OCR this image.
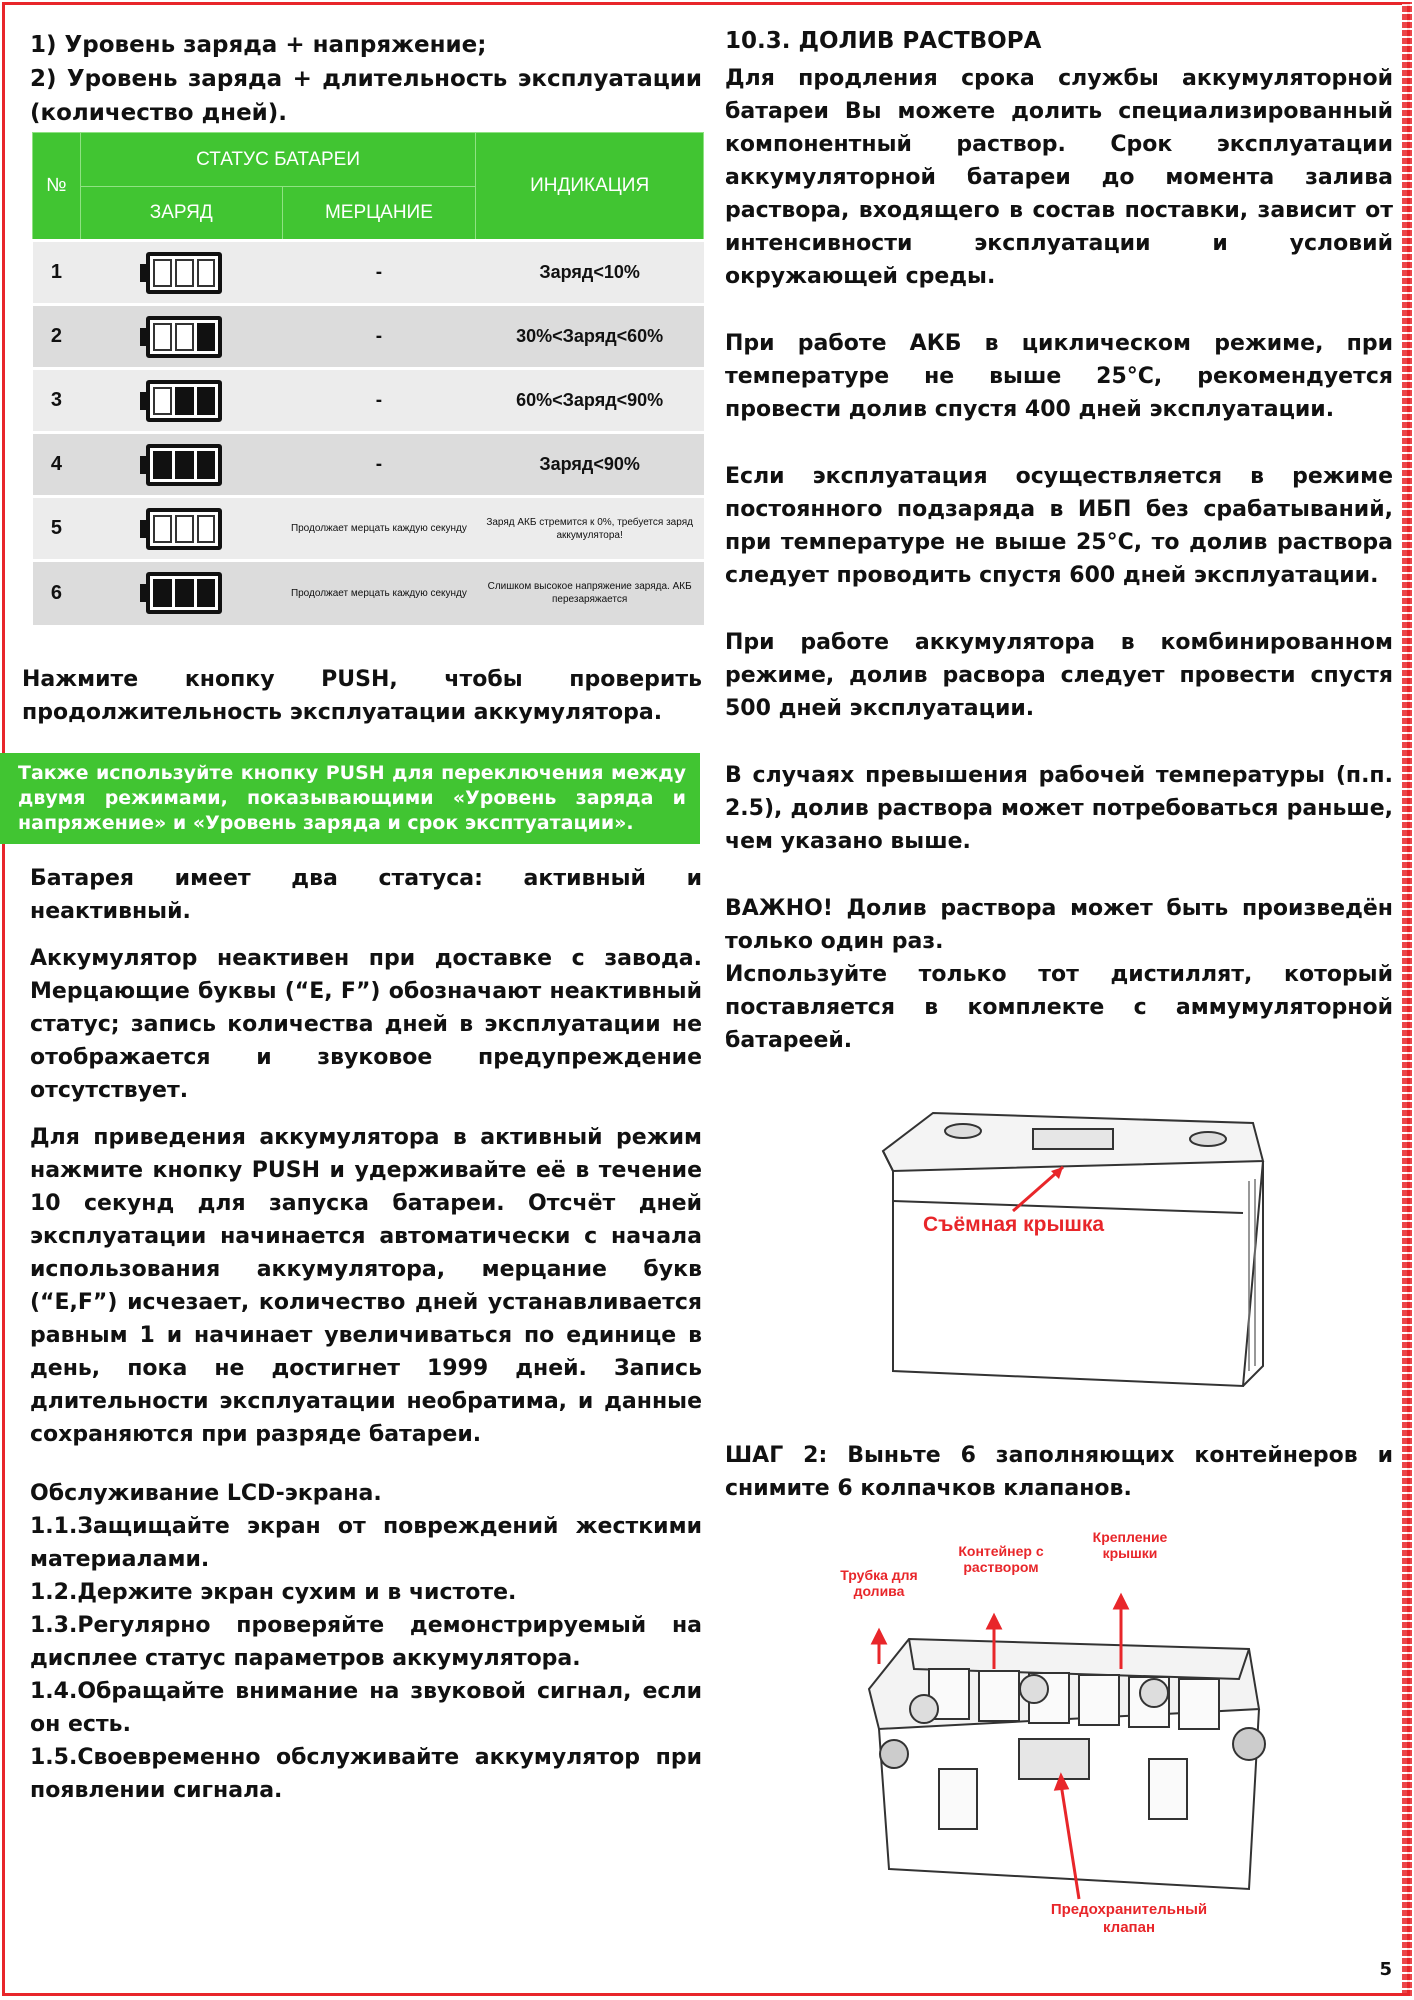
1) Уровень заряда + напряжение;

2) Уровень заряда + длительность эксплуатации (количество дней).

№	СТАТУС БАТАРЕИ		ИНДИКАЦИЯ
	ЗАРЯД	МЕРЦАНИЕ	
1		-	Заряд<10%
2		-	30%<Заряд<60%
3		-	60%<Заряд<90%
4		-	Заряд<90%
5		Продолжает мерцать каждую секунду	Заряд АКБ стремится к 0%, требуется заряд аккумулятора!
6		Продолжает мерцать каждую секунду	Слишком высокое напряжение заряда. АКБ перезаряжается

Нажмите кнопку PUSH, чтобы проверить продолжительность эксплуатации аккумулятора.

Также используйте кнопку PUSH для переключения между двумя режимами, показывающими «Уровень заряда и напряжение» и «Уровень заряда и срок эксптуатации».

Батарея имеет два статуса: активный и неактивный.

Аккумулятор неактивен при доставке с завода. Мерцающие буквы (“E, F”) обозначают неактивный статус; запись количества дней в эксплуатации не отображается и звуковое предупреждение отсутствует.

Для приведения аккумулятора в активный режим нажмите кнопку PUSH и удерживайте её в течение 10 секунд для запуска батареи. Отсчёт дней эксплуатации начинается автоматически с начала использования аккумулятора, мерцание букв (“E,F”) исчезает, количество дней устанавливается равным 1 и начинает увеличиваться по единице в день, пока не достигнет 1999 дней. Запись длительности эксплуатации необратима, и данные сохраняются при разряде батареи.

Обслуживание LCD-экрана.

1.1.Защищайте экран от повреждений жесткими материалами.

1.2.Держите экран сухим и в чистоте.

1.3.Регулярно проверяйте демонстрируемый на дисплее статус параметров аккумулятора.

1.4.Обращайте внимание на звуковой сигнал, если он есть.

1.5.Своевременно обслуживайте аккумулятор при появлении сигнала.

10.3. ДОЛИВ РАСТВОРА

Для продления срока службы аккумуляторной батареи Вы можете долить специализированный компонентный раствор. Срок эксплуатации аккумуляторной батареи до момента залива раствора, входящего в состав поставки, зависит от интенсивности эксплуатации и условий окружающей среды.

При работе АКБ в циклическом режиме, при температуре не выше 25°C, рекомендуется провести долив спустя 400 дней эксплуатации.

Если эксплуатация осуществляется в режиме постоянного подзаряда в ИБП без срабатываний, при температуре не выше 25°C, то долив раствора следует проводить спустя 600 дней эксплуатации.

При работе аккумулятора в комбинированном режиме, долив расвора следует провести спустя 500 дней эксплуатации.

В случаях превышения рабочей температуры (п.п. 2.5), долив раствора может потребоваться раньше, чем указано выше.

ВАЖНО! Долив раствора может быть произведён только один раз.

Используйте только тот дистиллят, который поставляется в комплекте с аммумуляторной батареей.

Съёмная крышка

ШАГ 2: Выньте 6 заполняющих контейнеров и снимите 6 колпачков клапанов.

Трубка для долива
Контейнер с раствором
Крепление крышки
Предохранительный клапан
5
